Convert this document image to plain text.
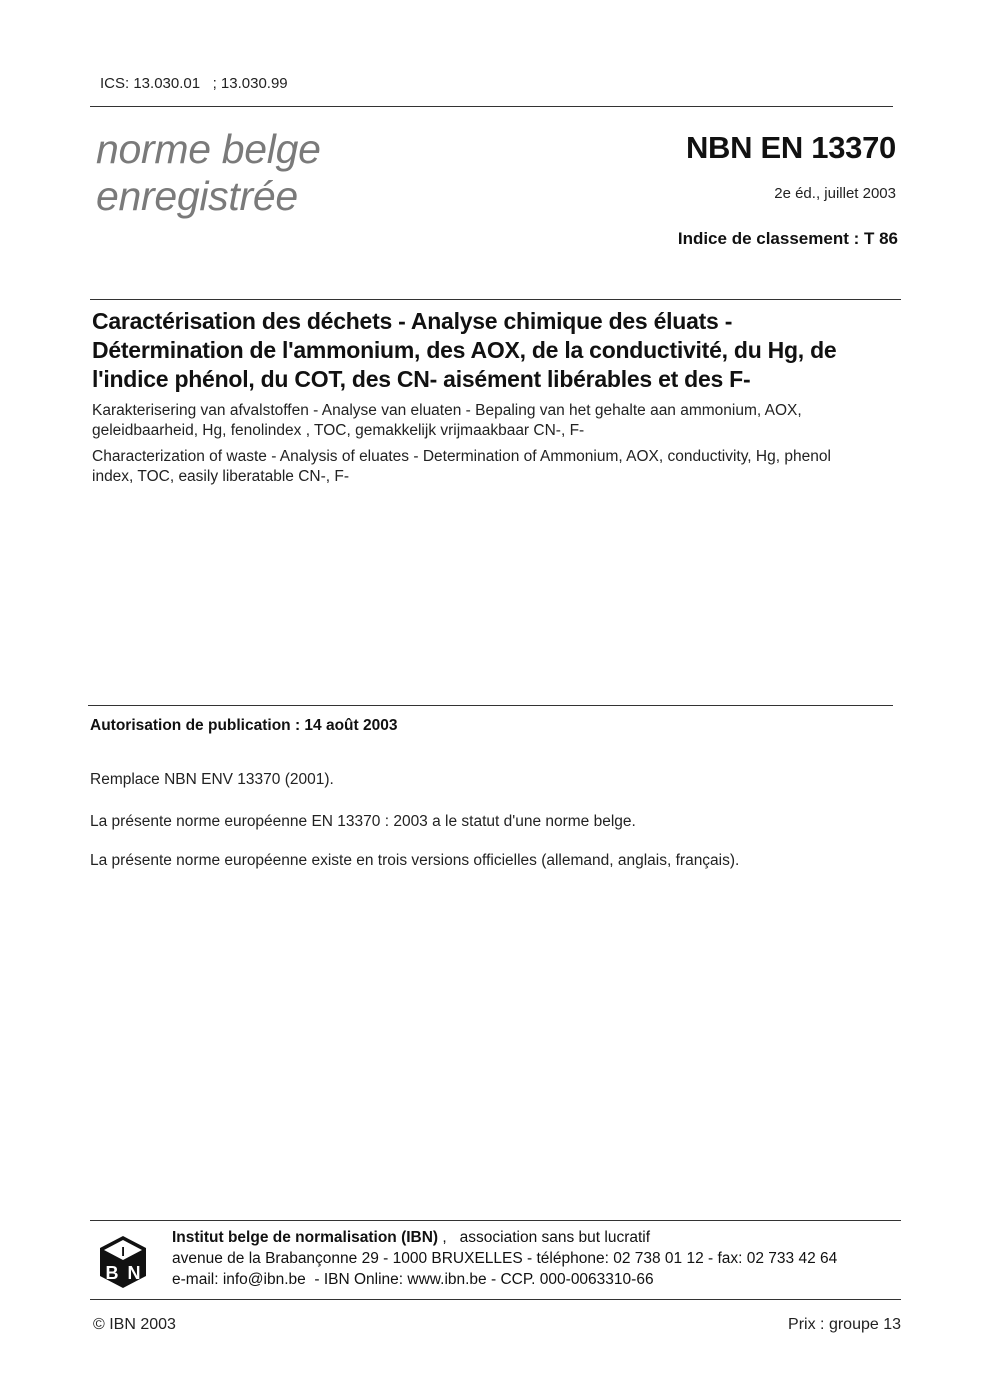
ICS: 13.030.01   ; 13.030.99
norme belge
enregistrée
NBN EN 13370
2e éd., juillet 2003
Indice de classement : T 86
Caractérisation des déchets - Analyse chimique des éluats -
Détermination de l'ammonium, des AOX, de la conductivité, du Hg, de
l'indice phénol, du COT, des CN- aisément libérables et des F-
Karakterisering van afvalstoffen - Analyse van eluaten - Bepaling van het gehalte aan ammonium, AOX,
geleidbaarheid, Hg, fenolindex , TOC, gemakkelijk vrijmaakbaar CN-, F-
Characterization of waste - Analysis of eluates - Determination of Ammonium, AOX, conductivity, Hg, phenol
index, TOC, easily liberatable CN-, F-
Autorisation de publication : 14 août 2003
Remplace NBN ENV 13370 (2001).
La présente norme européenne EN 13370 : 2003 a le statut d'une norme belge.
La présente norme européenne existe en trois versions officielles (allemand, anglais, français).
I
B N
Institut belge de normalisation (IBN) ,   association sans but lucratif
avenue de la Brabançonne 29 - 1000 BRUXELLES - téléphone: 02 738 01 12 - fax: 02 733 42 64
e-mail: info@ibn.be  - IBN Online: www.ibn.be - CCP. 000-0063310-66
© IBN 2003	Prix : groupe 13
